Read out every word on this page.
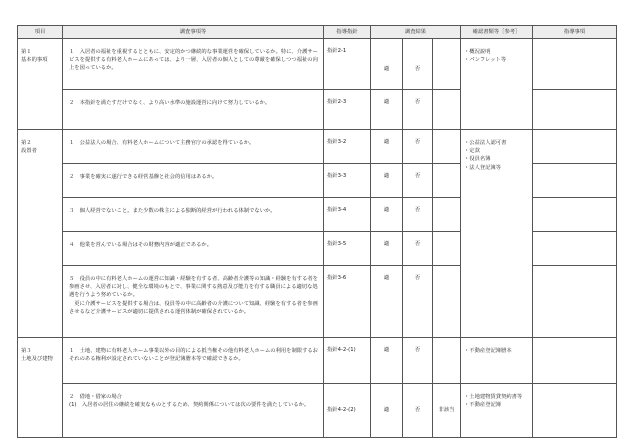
項目	調査事項等	指導指針	調査結果			確認書類等［参考］	指導事項
第１
基本的事項	１　入居者の福祉を重視するとともに、安定的かつ継続的な事業運営を確保しているか。特に、介護サービスを提供する有料老人ホームにあっては、より一層、入居者の個人としての尊厳を確保しつつ福祉の向上を図っているか。	指針2-1	適	否		・概況説明
・パンフレット等	

	２　本指針を満たすだけでなく、より高い水準の施設運営に向けて努力しているか。	指針2-3	適	否			
第２
設置者	１　公益法人の場合、有料老人ホームについて主務官庁の承認を得ているか。	指針3-2	適	否		・公益法人認可書
・定款
・役員名簿
・法人登記簿等	

	２　事業を確実に遂行できる経営基盤と社会的信用はあるか。	指針3-3	適	否			

	３　個人経営でないこと。また少数の株主による独断的経営が行われる体制でないか。	指針3-4	適	否			

	４　他業を営んでいる場合はその財務内容が適正であるか。	指針3-5	適	否			

	５　役員の中に有料老人ホームの運営に知識・経験を有する者、高齢者介護等の知識・経験を有する者を参画させ、入居者に対し、健全な環境のもとで、事業に関する熱意及び能力を有する職員による適切な処遇を行うよう努めているか。
　更に介護サービスを提供する場合は、役員等の中に高齢者の介護について知識、経験を有する者を参画させるなど介護サービスが適切に提供される運営体制が確保されているか。	指針3-6	適	否			
第３
土地及び建物	１　土地、建物に有料老人ホーム事業以外の目的による抵当権その他有料老人ホームの利用を制限するおそれのある権利が設定されていないことが登記簿謄本等で確認できるか。	指針4-2-(1)	適	否		・不動産登記簿謄本	

	２　借地・借家の場合
(1)　入居者の居住の継続を確実なものとするため、契約関係については次の要件を満たしているか。	指針4-2-(2)	適	否	非該当	・土地建物賃貸契約書等
・不動産登記簿	
